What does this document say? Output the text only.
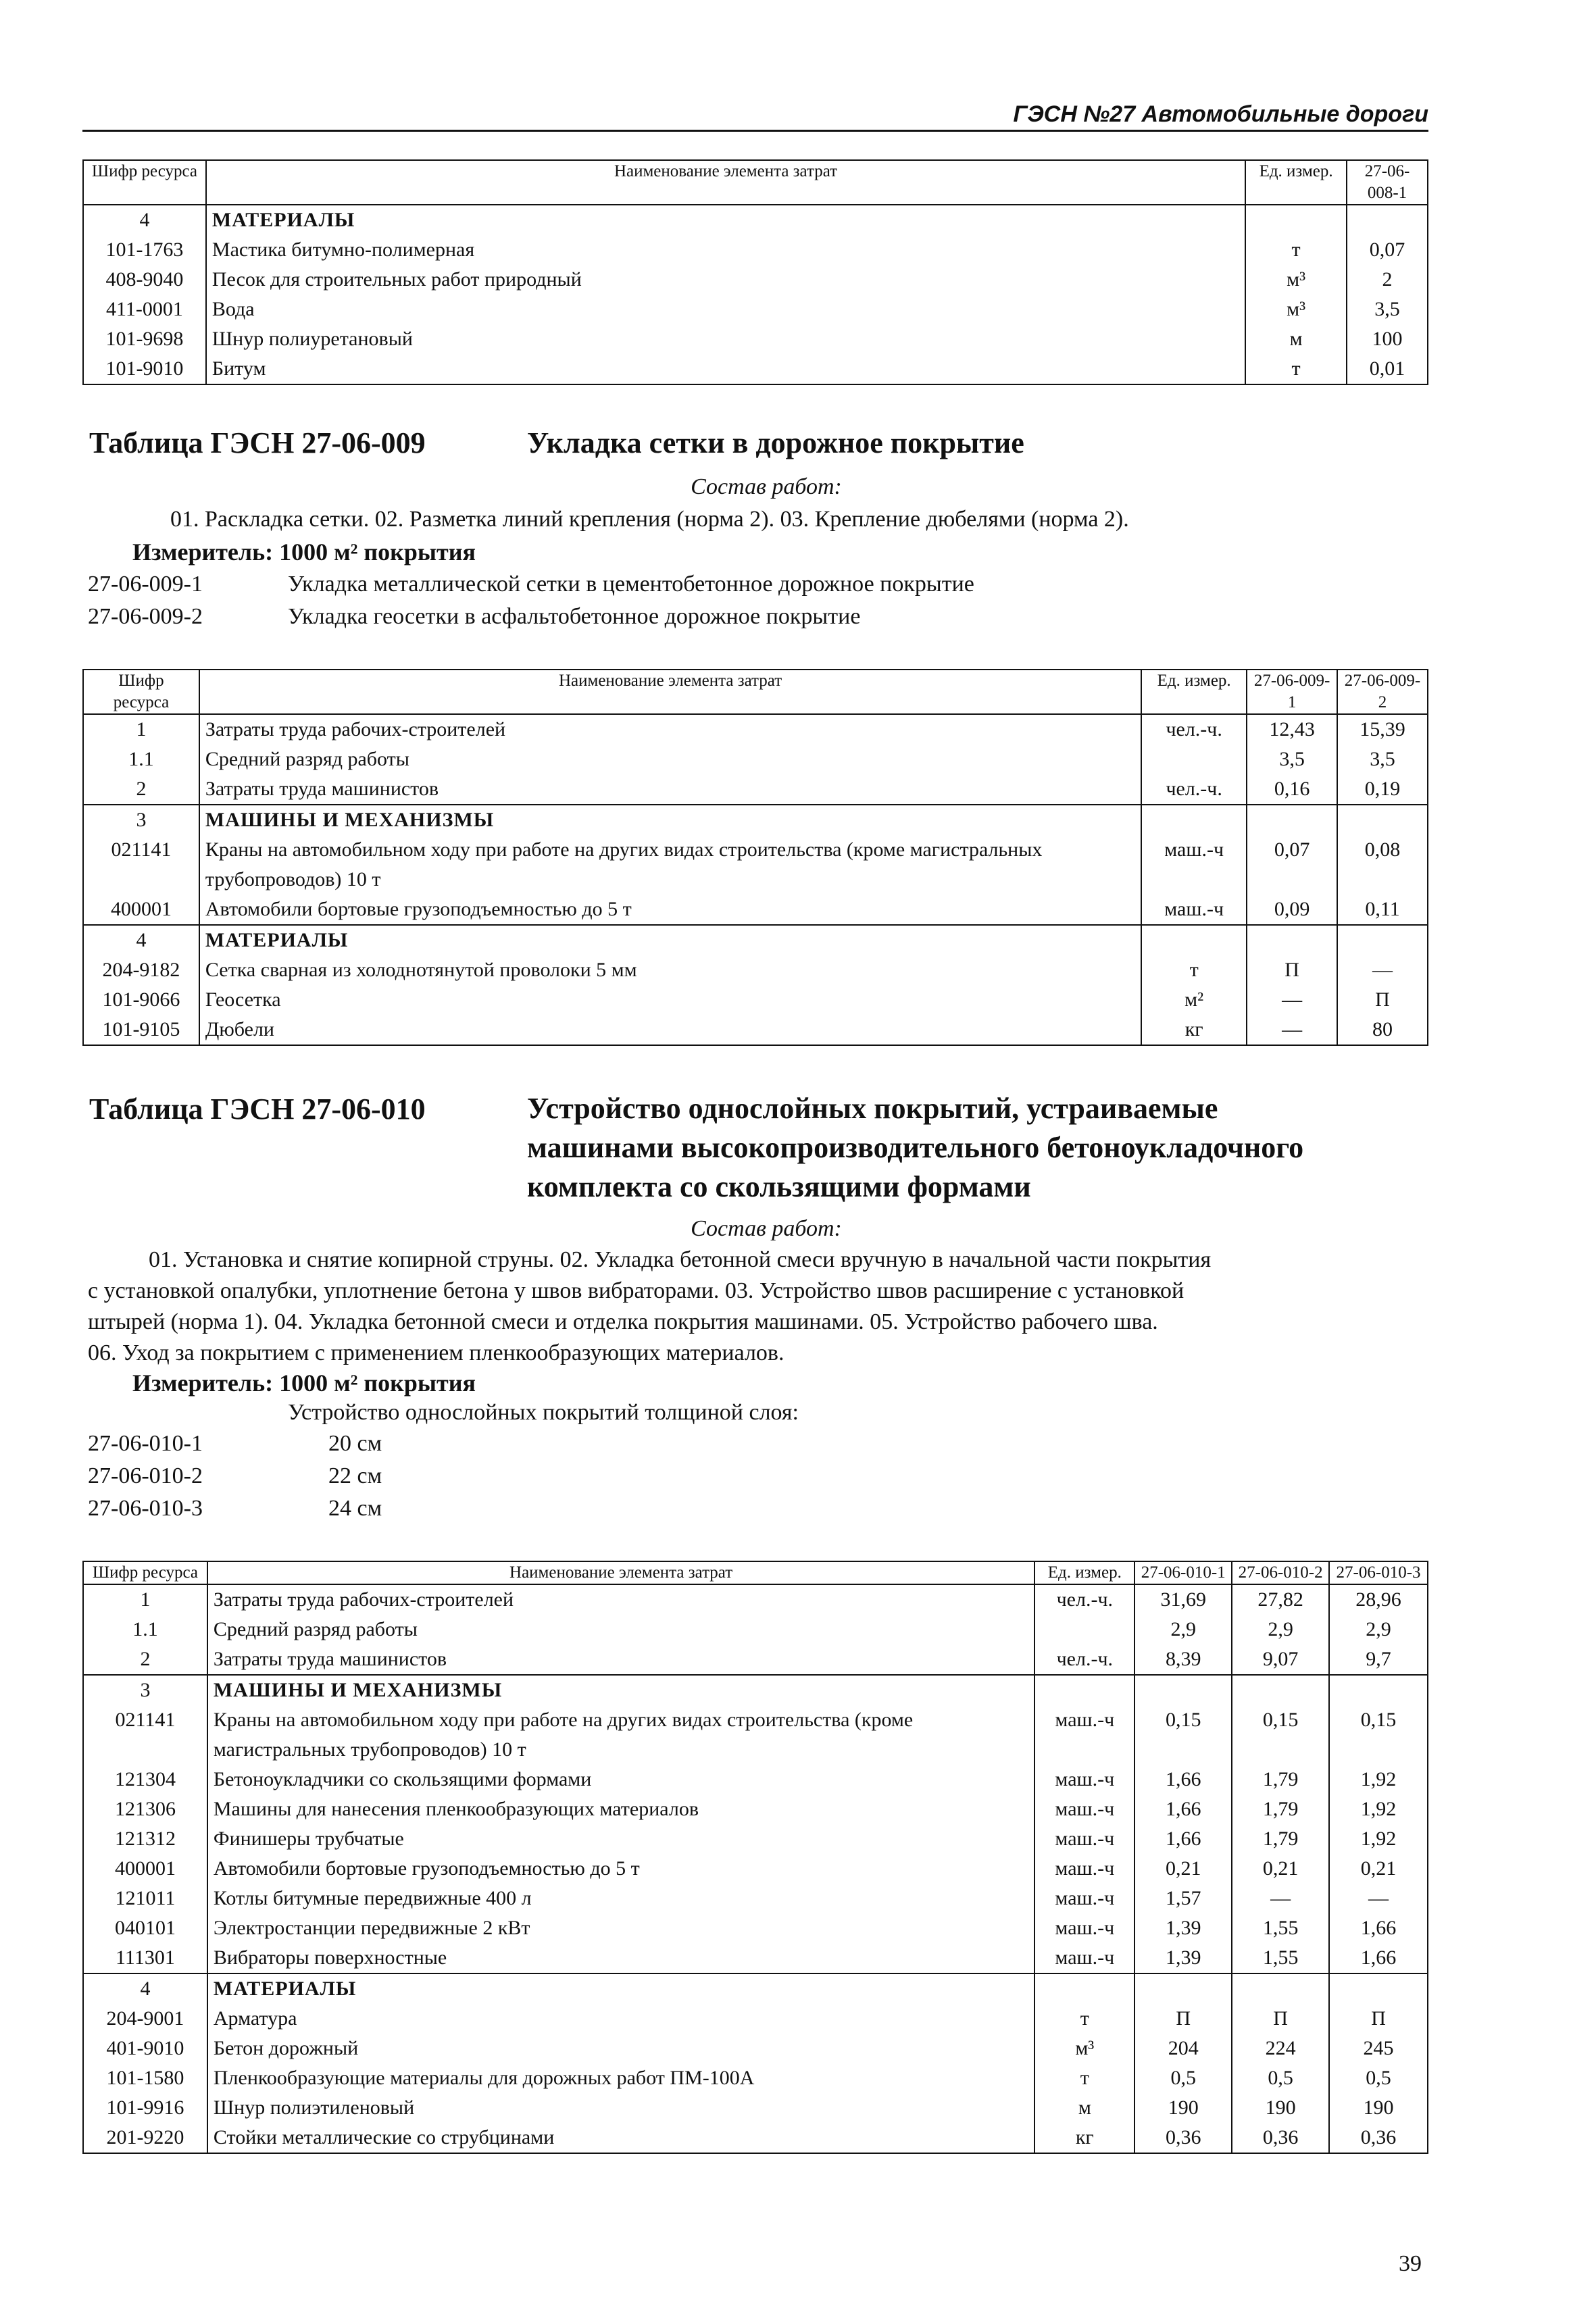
ГЭСН №27 Автомобильные дороги
Шифр ресурса	Наименование элемента затрат	Ед. измер.	27-06-008-1
4	МАТЕРИАЛЫ		
101-1763	Мастика битумно-полимерная	т	0,07
408-9040	Песок для строительных работ природный	м³	2
411-0001	Вода	м³	3,5
101-9698	Шнур полиуретановый	м	100
101-9010	Битум	т	0,01
Таблица ГЭСН 27-06-009	Укладка сетки в дорожное покрытие
Состав работ:
01. Раскладка сетки. 02. Разметка линий крепления (норма 2). 03. Крепление дюбелями (норма 2).
Измеритель: 1000 м² покрытия
27-06-009-1	Укладка металлической сетки в цементобетонное дорожное покрытие
27-06-009-2	Укладка геосетки в асфальтобетонное дорожное покрытие
Шифр ресурса	Наименование элемента затрат	Ед. измер.	27-06-009-1	27-06-009-2
1	Затраты труда рабочих-строителей	чел.-ч.	12,43	15,39
1.1	Средний разряд работы		3,5	3,5
2	Затраты труда машинистов	чел.-ч.	0,16	0,19
3	МАШИНЫ И МЕХАНИЗМЫ			
021141	Краны на автомобильном ходу при работе на других видах строительства (кроме магистральных трубопроводов) 10 т	маш.-ч	0,07	0,08
400001	Автомобили бортовые грузоподъемностью до 5 т	маш.-ч	0,09	0,11
4	МАТЕРИАЛЫ			
204-9182	Сетка сварная из холоднотянутой проволоки 5 мм	т	П	—
101-9066	Геосетка	м²	—	П
101-9105	Дюбели	кг	—	80
Таблица ГЭСН 27-06-010	Устройство однослойных покрытий, устраиваемые
машинами высокопроизводительного бетоноукладочного
комплекта со скользящими формами
Состав работ:
01. Установка и снятие копирной струны. 02. Укладка бетонной смеси вручную в начальной части покрытия
с установкой опалубки, уплотнение бетона у швов вибраторами. 03. Устройство швов расширение с установкой
штырей (норма 1). 04. Укладка бетонной смеси и отделка покрытия машинами. 05. Устройство рабочего шва.
06. Уход за покрытием с применением пленкообразующих материалов.
Измеритель: 1000 м² покрытия
Устройство однослойных покрытий толщиной слоя:
27-06-010-1	20 см
27-06-010-2	22 см
27-06-010-3	24 см
Шифр ресурса	Наименование элемента затрат	Ед. измер.	27-06-010-1	27-06-010-2	27-06-010-3
1	Затраты труда рабочих-строителей	чел.-ч.	31,69	27,82	28,96
1.1	Средний разряд работы		2,9	2,9	2,9
2	Затраты труда машинистов	чел.-ч.	8,39	9,07	9,7
3	МАШИНЫ И МЕХАНИЗМЫ				
021141	Краны на автомобильном ходу при работе на других видах строительства (кроме магистральных трубопроводов) 10 т	маш.-ч	0,15	0,15	0,15
121304	Бетоноукладчики со скользящими формами	маш.-ч	1,66	1,79	1,92
121306	Машины для нанесения пленкообразующих материалов	маш.-ч	1,66	1,79	1,92
121312	Финишеры трубчатые	маш.-ч	1,66	1,79	1,92
400001	Автомобили бортовые грузоподъемностью до 5 т	маш.-ч	0,21	0,21	0,21
121011	Котлы битумные передвижные 400 л	маш.-ч	1,57	—	—
040101	Электростанции передвижные 2 кВт	маш.-ч	1,39	1,55	1,66
111301	Вибраторы поверхностные	маш.-ч	1,39	1,55	1,66
4	МАТЕРИАЛЫ				
204-9001	Арматура	т	П	П	П
401-9010	Бетон дорожный	м³	204	224	245
101-1580	Пленкообразующие материалы для дорожных работ ПМ-100А	т	0,5	0,5	0,5
101-9916	Шнур полиэтиленовый	м	190	190	190
201-9220	Стойки металлические со струбцинами	кг	0,36	0,36	0,36
39
